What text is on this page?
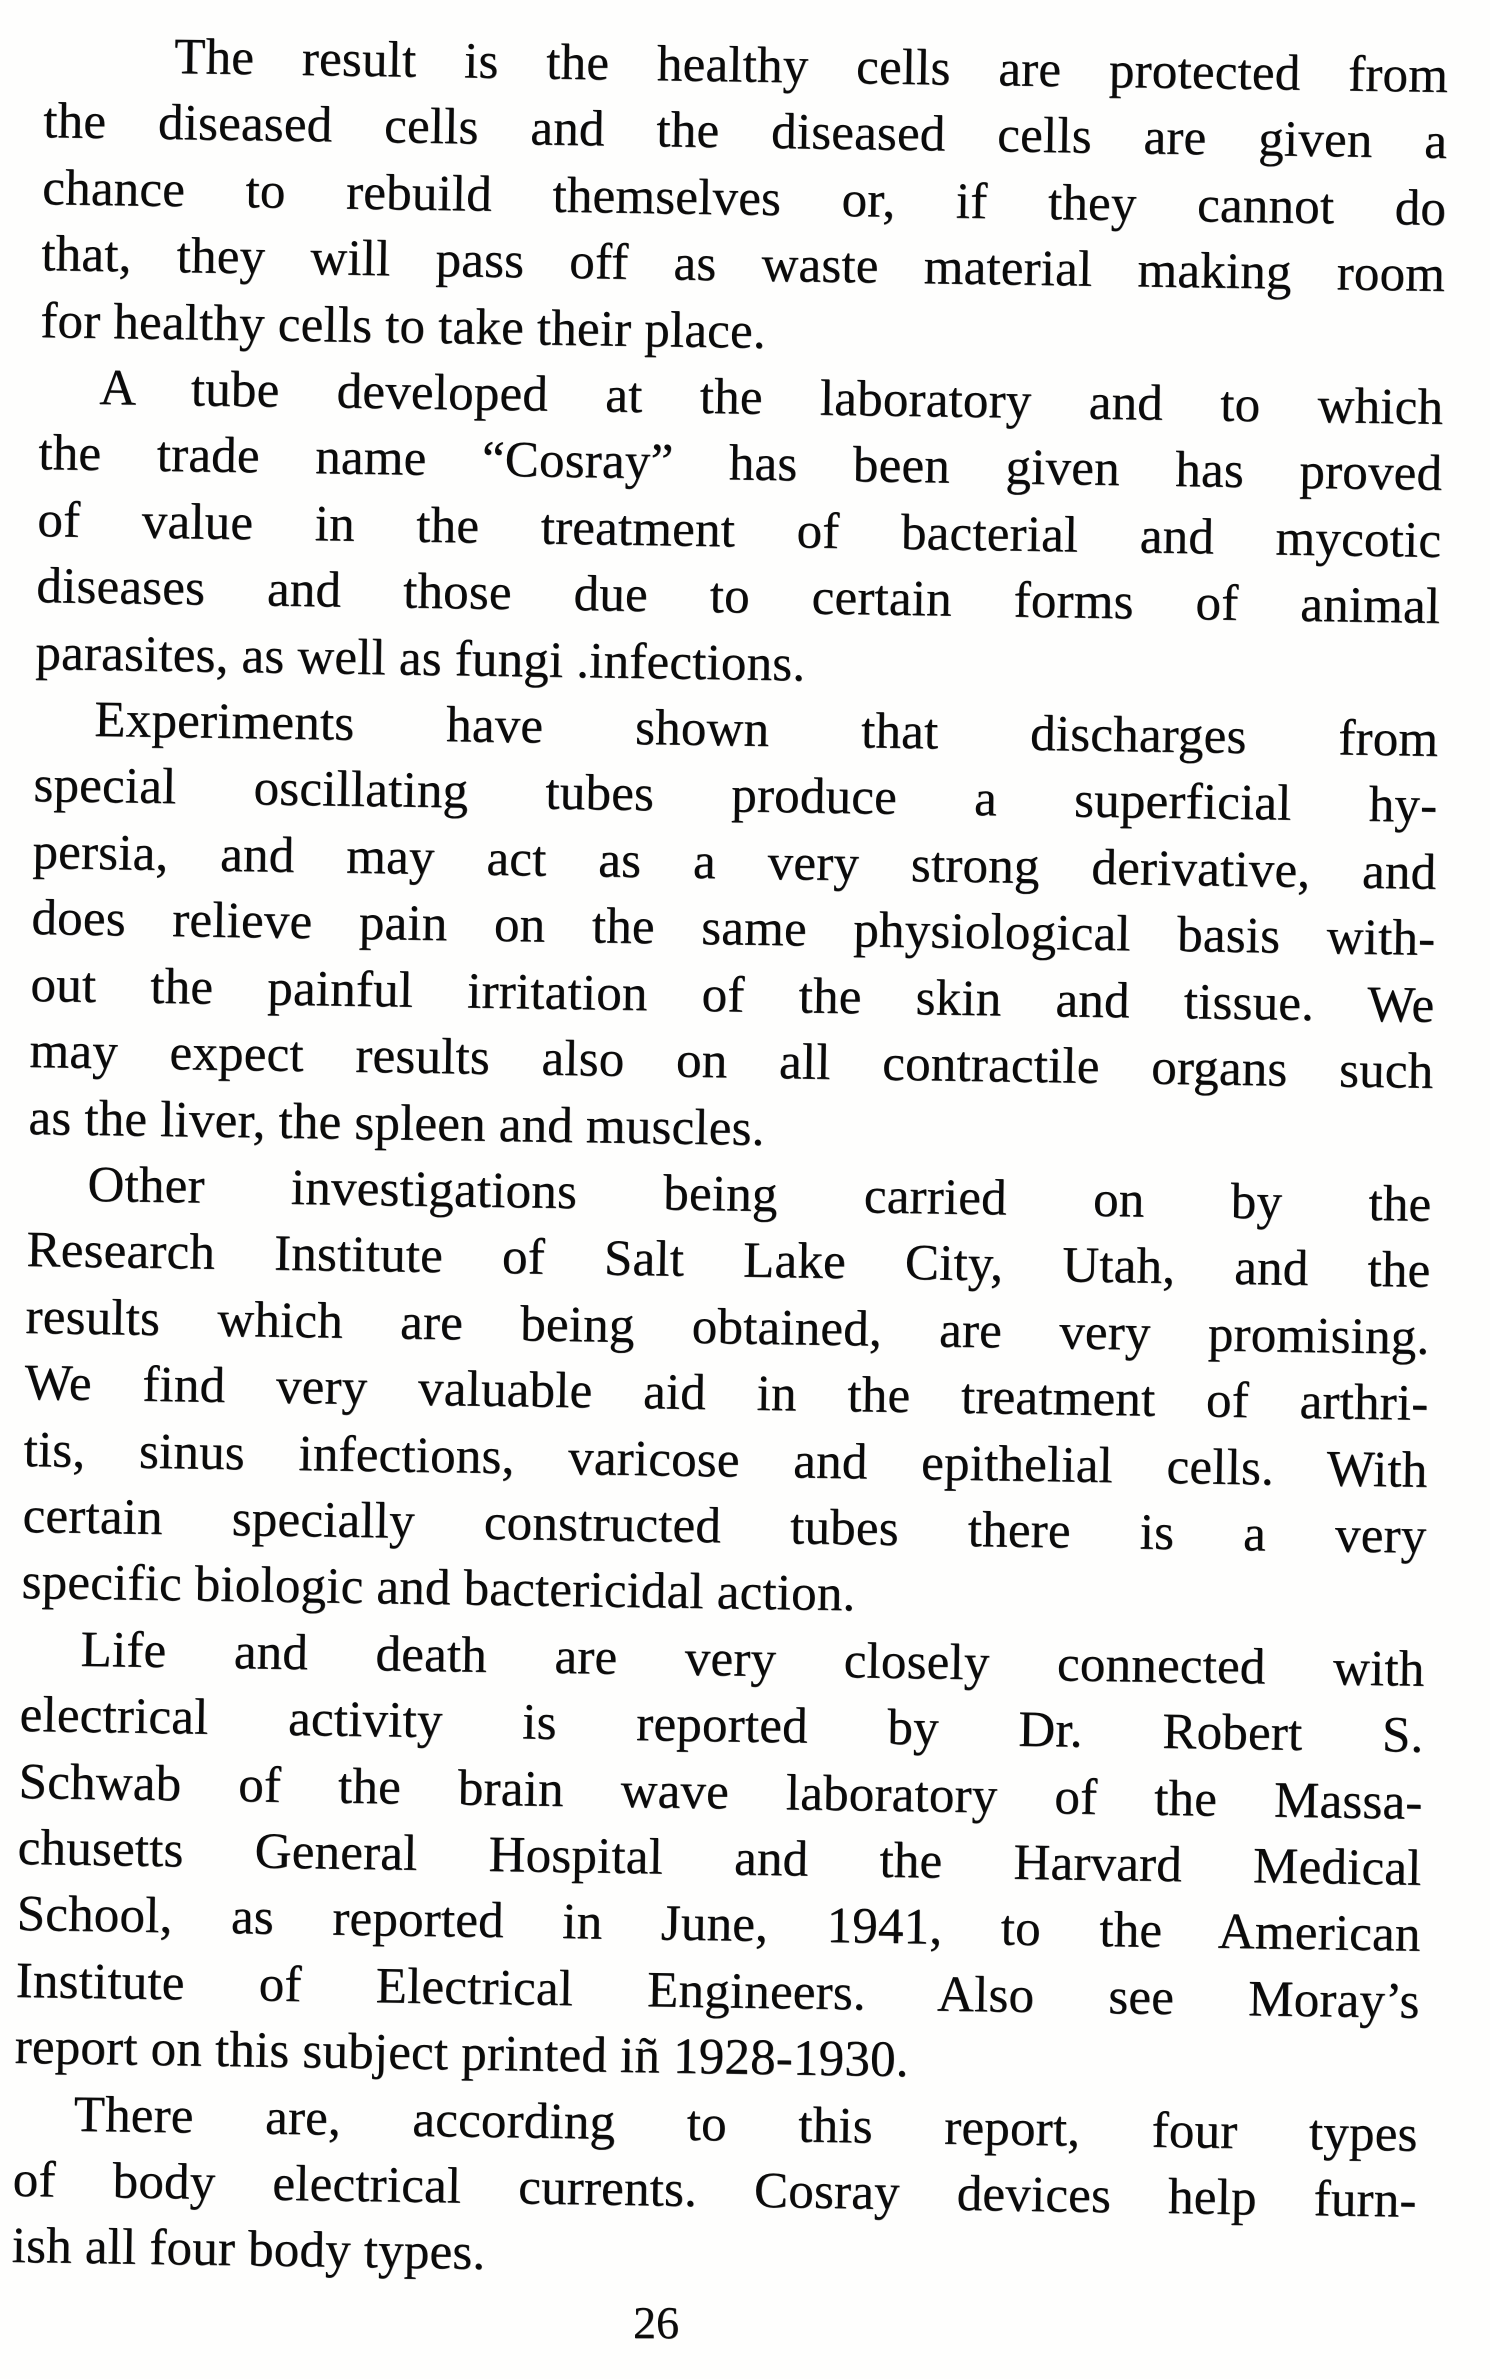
The result is the healthy cells are protected from
the diseased cells and the diseased cells are given a
chance to rebuild themselves or, if they cannot do
that, they will pass off as waste material making room
for healthy cells to take their place.
A tube developed at the laboratory and to which
the trade name “Cosray” has been given has proved
of value in the treatment of bacterial and mycotic
diseases and those due to certain forms of animal
parasites, as well as fungi .infections.
Experiments have shown that discharges from
special oscillating tubes produce a superficial hy-
persia, and may act as a very strong derivative, and
does relieve pain on the same physiological basis with-
out the painful irritation of the skin and tissue. We
may expect results also on all contractile organs such
as the liver, the spleen and muscles.
Other investigations being carried on by the
Research Institute of Salt Lake City, Utah, and the
results which are being obtained, are very promising.
We find very valuable aid in the treatment of arthri-
tis, sinus infections, varicose and epithelial cells. With
certain specially constructed tubes there is a very
specific biologic and bactericidal action.
Life and death are very closely connected with
electrical activity is reported by Dr. Robert S.
Schwab of the brain wave laboratory of the Massa-
chusetts General Hospital and the Harvard Medical
School, as reported in June, 1941, to the American
Institute of Electrical Engineers. Also see Moray’s
report on this subject printed iñ 1928-1930.
There are, according to this report, four types
of body electrical currents. Cosray devices help furn-
ish all four body types.
26
